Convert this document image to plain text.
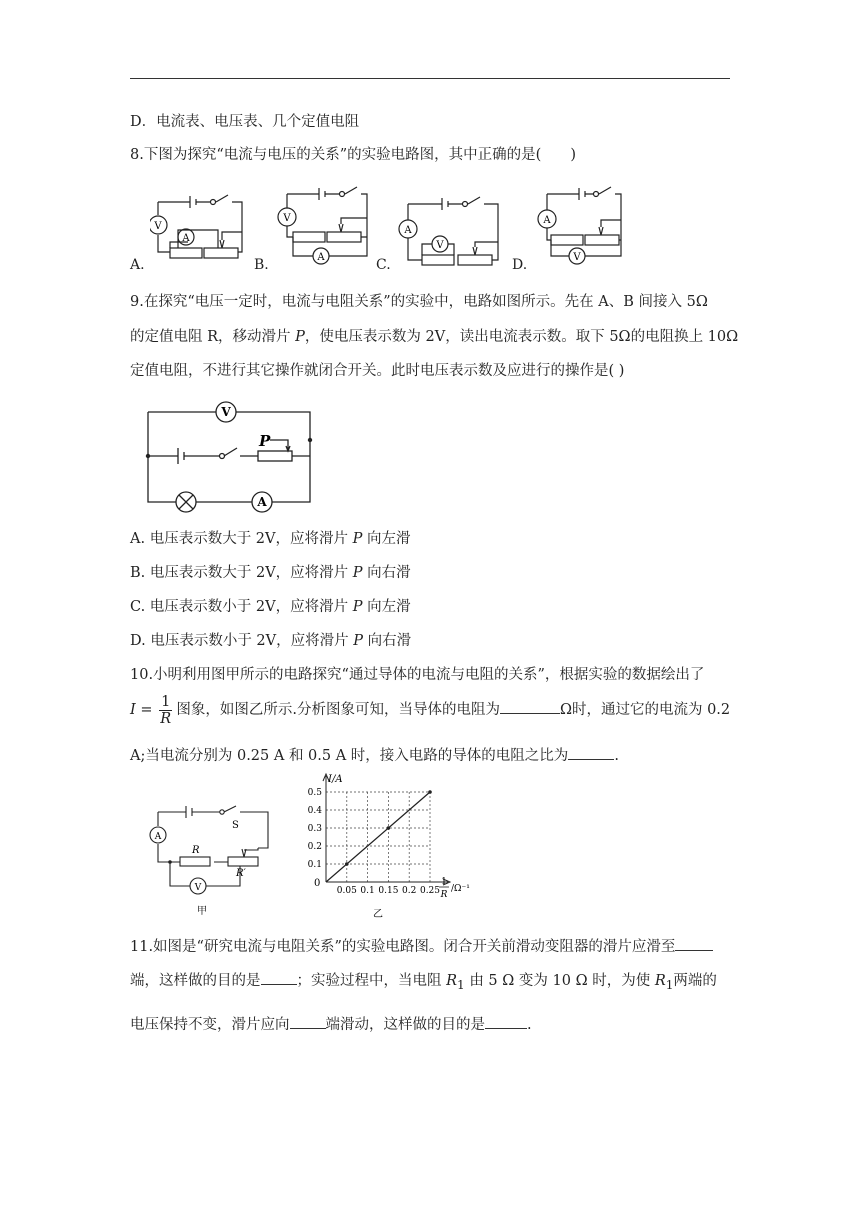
D．电流表、电压表、几个定值电阻
8.下图为探究“电流与电压的关系”的实验电路图，其中正确的是(　　)
V
A
A.
V
A
B.
A
V
C.
A
V
D.
9.在探究“电压一定时，电流与电阻关系”的实验中，电路如图所示。先在 A、B 间接入 5Ω
的定值电阻 R，移动滑片 P，使电压表示数为 2V，读出电流表示数。取下 5Ω的电阻换上 10Ω
定值电阻，不进行其它操作就闭合开关。此时电压表示数及应进行的操作是( )
V
A
P
A. 电压表示数大于 2V，应将滑片 P 向左滑
B. 电压表示数大于 2V，应将滑片 P 向右滑
C. 电压表示数小于 2V，应将滑片 P 向左滑
D. 电压表示数小于 2V，应将滑片 P 向右滑
10.小明利用图甲所示的电路探究“通过导体的电流与电阻的关系”，根据实验的数据绘出了
$I = \frac{1}{R}$ 图象，如图乙所示.分析图象可知，当导体的电阻为	Ω时，通过它的电流为 0.2
A;当电流分别为 0.25 A 和 0.5 A 时，接入电路的导体的电阻之比为	.
A
V
R
R′
S
甲
0.05 0.1 0.15 0.2 0.25
0.1
0.2
0.3
0.4
0.5
I/A
0	1
R
/Ω⁻¹
乙
11.如图是“研究电流与电阻关系”的实验电路图。闭合开关前滑动变阻器的滑片应滑至
端，这样做的目的是 ；实验过程中，当电阻 $R_1$ 由 5 Ω 变为 10 Ω 时，为使 $R_1$两端的
电压保持不变，滑片应向 端滑动，这样做的目的是	.
